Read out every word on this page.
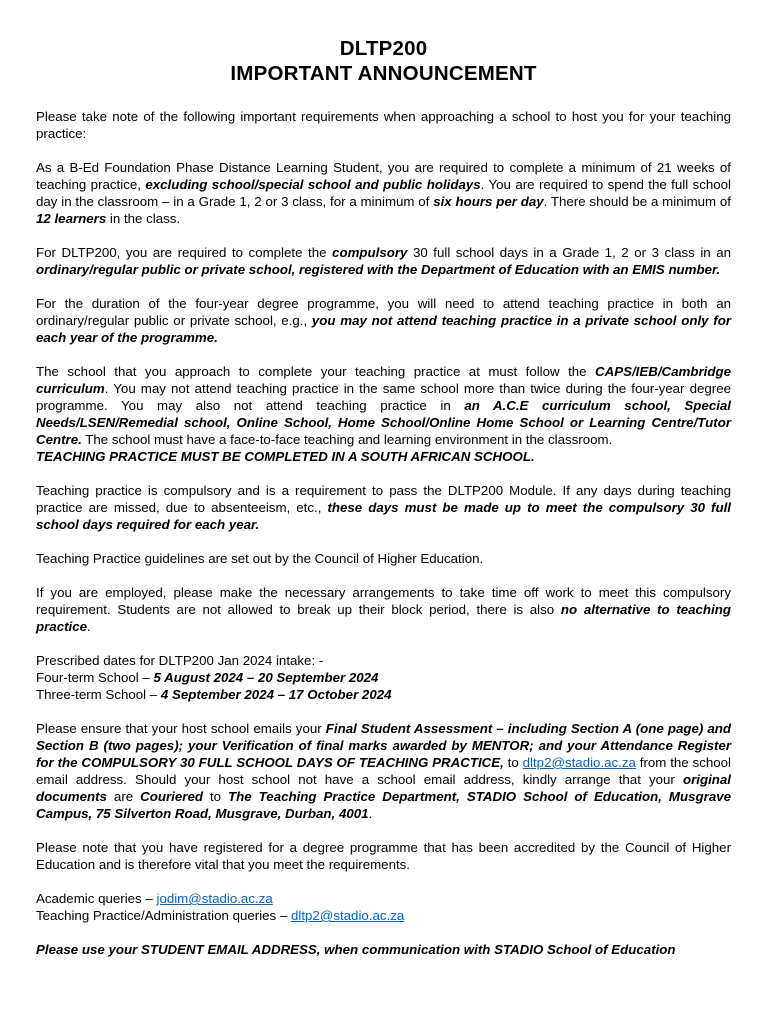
DLTP200
IMPORTANT ANNOUNCEMENT

Please take note of the following important requirements when approaching a school to host you for your teaching practice:

As a B-Ed Foundation Phase Distance Learning Student, you are required to complete a minimum of 21 weeks of teaching practice, excluding school/special school and public holidays. You are required to spend the full school day in the classroom – in a Grade 1, 2 or 3 class, for a minimum of six hours per day. There should be a minimum of 12 learners in the class.

For DLTP200, you are required to complete the compulsory 30 full school days in a Grade 1, 2 or 3 class in an ordinary/regular public or private school, registered with the Department of Education with an EMIS number.

For the duration of the four-year degree programme, you will need to attend teaching practice in both an ordinary/regular public or private school, e.g., you may not attend teaching practice in a private school only for each year of the programme.

The school that you approach to complete your teaching practice at must follow the CAPS/IEB/Cambridge curriculum. You may not attend teaching practice in the same school more than twice during the four-year degree programme. You may also not attend teaching practice in an A.C.E curriculum school, Special Needs/LSEN/Remedial school, Online School, Home School/Online Home School or Learning Centre/Tutor Centre. The school must have a face-to-face teaching and learning environment in the classroom.
TEACHING PRACTICE MUST BE COMPLETED IN A SOUTH AFRICAN SCHOOL.

Teaching practice is compulsory and is a requirement to pass the DLTP200 Module. If any days during teaching practice are missed, due to absenteeism, etc., these days must be made up to meet the compulsory 30 full school days required for each year.

Teaching Practice guidelines are set out by the Council of Higher Education.

If you are employed, please make the necessary arrangements to take time off work to meet this compulsory requirement. Students are not allowed to break up their block period, there is also no alternative to teaching practice.

Prescribed dates for DLTP200 Jan 2024 intake: -
Four-term School – 5 August 2024 – 20 September 2024
Three-term School – 4 September 2024 – 17 October 2024

Please ensure that your host school emails your Final Student Assessment – including Section A (one page) and Section B (two pages); your Verification of final marks awarded by MENTOR; and your Attendance Register for the COMPULSORY 30 FULL SCHOOL DAYS OF TEACHING PRACTICE, to dltp2@stadio.ac.za from the school email address. Should your host school not have a school email address, kindly arrange that your original documents are Couriered to The Teaching Practice Department, STADIO School of Education, Musgrave Campus, 75 Silverton Road, Musgrave, Durban, 4001.

Please note that you have registered for a degree programme that has been accredited by the Council of Higher Education and is therefore vital that you meet the requirements.

Academic queries – jodim@stadio.ac.za
Teaching Practice/Administration queries – dltp2@stadio.ac.za

Please use your STUDENT EMAIL ADDRESS, when communication with STADIO School of Education
